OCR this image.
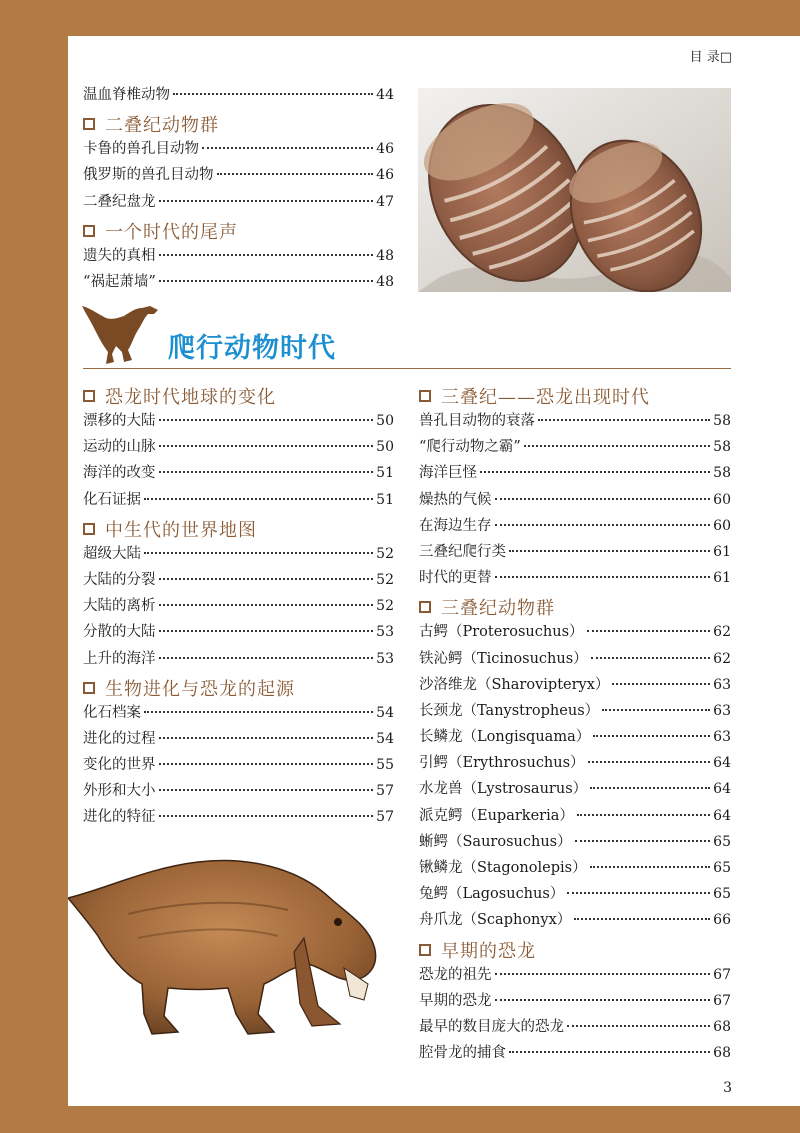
目 录□
温血脊椎动物	44
二叠纪动物群
卡鲁的兽孔目动物	46
俄罗斯的兽孔目动物	46
二叠纪盘龙	47
一个时代的尾声
遗失的真相	48
“祸起萧墙”	48
爬行动物时代
恐龙时代地球的变化
漂移的大陆	50
运动的山脉	50
海洋的改变	51
化石证据	51
中生代的世界地图
超级大陆	52
大陆的分裂	52
大陆的离析	52
分散的大陆	53
上升的海洋	53
生物进化与恐龙的起源
化石档案	54
进化的过程	54
变化的世界	55
外形和大小	57
进化的特征	57
三叠纪——恐龙出现时代
兽孔目动物的衰落	58
“爬行动物之霸”	58
海洋巨怪	58
燥热的气候	60
在海边生存	60
三叠纪爬行类	61
时代的更替	61
三叠纪动物群
古鳄（Proterosuchus）	62
铁沁鳄（Ticinosuchus）	62
沙洛维龙（Sharovipteryx）	63
长颈龙（Tanystropheus）	63
长鳞龙（Longisquama）	63
引鳄（Erythrosuchus）	64
水龙兽（Lystrosaurus）	64
派克鳄（Euparkeria）	64
蜥鳄（Saurosuchus）	65
锹鳞龙（Stagonolepis）	65
兔鳄（Lagosuchus）	65
舟爪龙（Scaphonyx）	66
早期的恐龙
恐龙的祖先	67
早期的恐龙	67
最早的数目庞大的恐龙	68
腔骨龙的捕食	68
3
